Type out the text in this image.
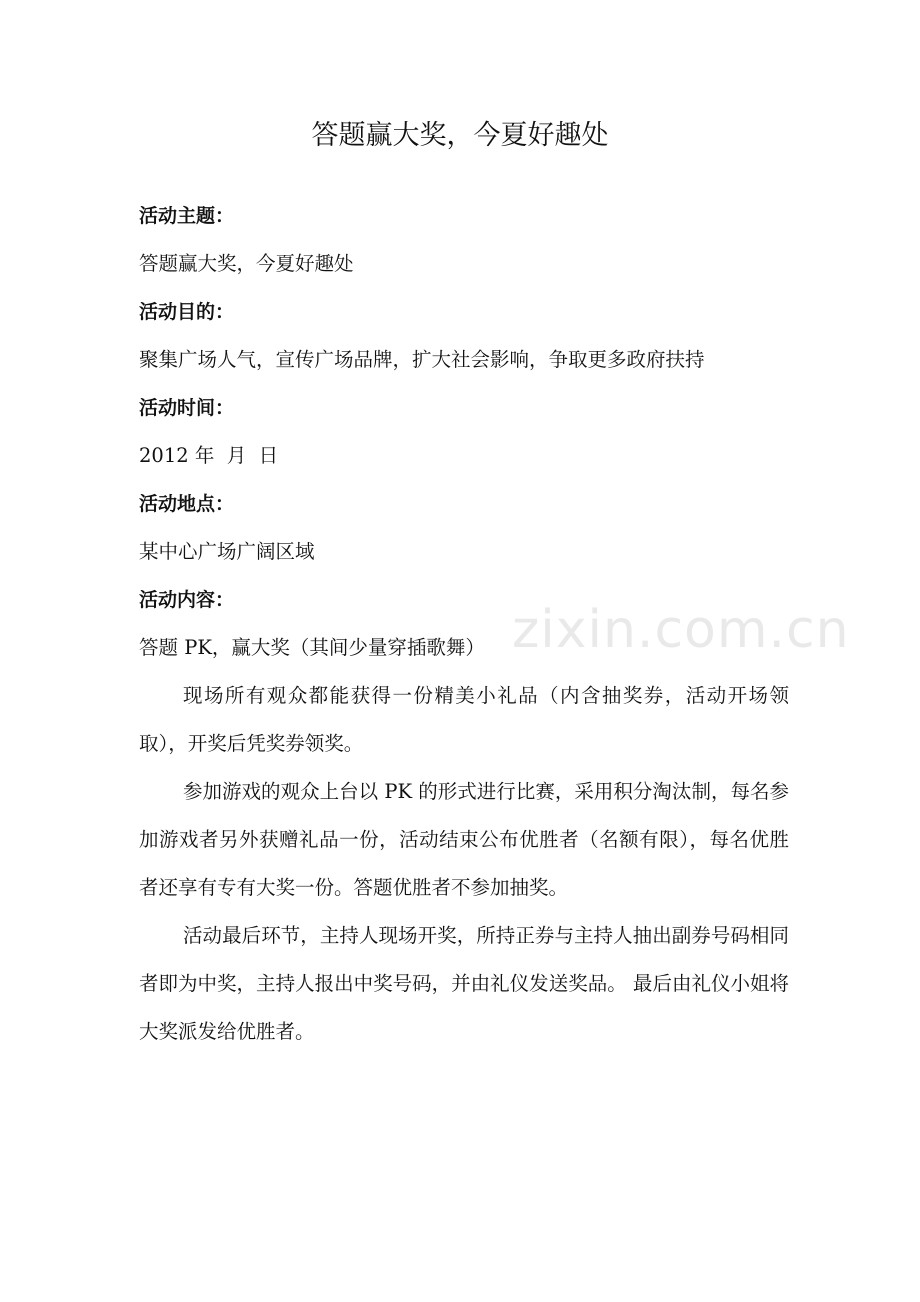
zixin.com.cn
答题赢大奖，今夏好趣处
活动主题：
答题赢大奖，今夏好趣处
活动目的：
聚集广场人气，宣传广场品牌，扩大社会影响，争取更多政府扶持
活动时间：
2012 年  月  日
活动地点：
某中心广场广阔区域
活动内容：
答题 PK，赢大奖（其间少量穿插歌舞）

现场所有观众都能获得一份精美小礼品（内含抽奖券，活动开场领取），开奖后凭奖券领奖。

参加游戏的观众上台以 PK 的形式进行比赛，采用积分淘汰制，每名参加游戏者另外获赠礼品一份，活动结束公布优胜者（名额有限），每名优胜者还享有专有大奖一份。答题优胜者不参加抽奖。

活动最后环节，主持人现场开奖，所持正券与主持人抽出副券号码相同者即为中奖，主持人报出中奖号码，并由礼仪发送奖品。 最后由礼仪小姐将大奖派发给优胜者。
